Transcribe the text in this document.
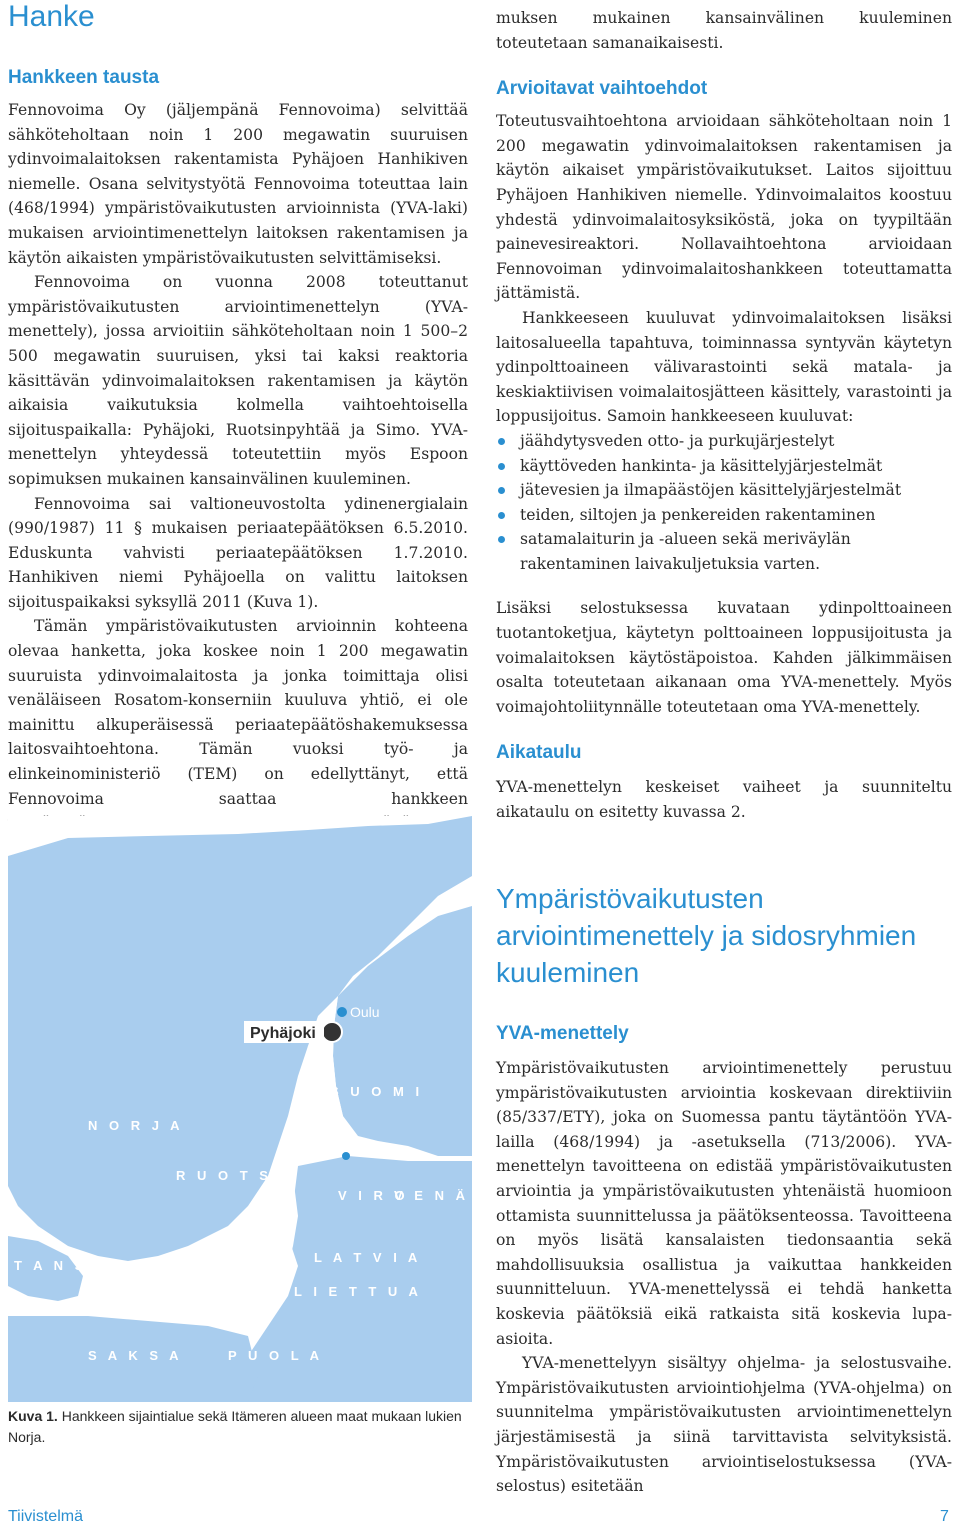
Hanke
Hankkeen tausta

Fennovoima Oy (jäljempänä Fennovoima) selvittää sähköteholtaan noin 1 200 megawatin suuruisen ydinvoimalaitoksen rakentamista Pyhäjoen Hanhikiven niemelle. Osana selvitystyötä Fennovoima toteuttaa lain (468/1994) ympäristövaikutusten arvioinnista (YVA-laki) mukaisen arviointimenettelyn laitoksen rakentamisen ja käytön aikaisten ympäristövaikutusten selvittämiseksi.

Fennovoima on vuonna 2008 toteuttanut ympäristövaikutusten arviointimenettelyn (YVA-menettely), jossa arvioitiin sähköteholtaan noin 1 500–2 500 megawatin suuruisen, yksi tai kaksi reaktoria käsittävän ydinvoimalaitoksen rakentamisen ja käytön aikaisia vaikutuksia kolmella vaihtoehtoisella sijoituspaikalla: Pyhäjoki, Ruotsinpyhtää ja Simo. YVA-menettelyn yhteydessä toteutettiin myös Espoon sopimuksen mukainen kansainvälinen kuuleminen.

Fennovoima sai valtioneuvostolta ydinenergialain (990/1987) 11 § mukaisen periaatepäätöksen 6.5.2010. Eduskunta vahvisti periaatepäätöksen 1.7.2010. Hanhikiven niemi Pyhäjoella on valittu laitoksen sijoituspaikaksi syksyllä 2011 (Kuva 1).

Tämän ympäristövaikutusten arvioinnin kohteena olevaa hanketta, joka koskee noin 1 200 megawatin suuruista ydinvoimalaitosta ja jonka toimittaja olisi venäläiseen Rosatom-konserniin kuuluva yhtiö, ei ole mainittu alkuperäisessä periaatepäätöshakemuksessa laitosvaihtoehtona. Tämän vuoksi työ- ja elinkeinoministeriö (TEM) on edellyttänyt, että Fennovoima saattaa hankkeen

N O R J A
R U O T S I
S U O M I
V I R O
V E N Ä J Ä
L A T V I A
L I E T T U A
T A N S K A
S A K S A	P U O L A
Pyhäjoki
Oulu
Helsinki
Kuva 1. Hankkeen sijaintialue sekä Itämeren alueen maat mukaan lukien Norja.

muksen mukainen kansainvälinen kuuleminen toteutetaan samanaikaisesti.

Arvioitavat vaihtoehdot

Toteutusvaihtoehtona arvioidaan sähköteholtaan noin 1 200 megawatin ydinvoimalaitoksen rakentamisen ja käytön aikaiset ympäristövaikutukset. Laitos sijoittuu Pyhäjoen Hanhikiven niemelle. Ydinvoimalaitos koostuu yhdestä ydinvoimalaitosyksiköstä, joka on tyypiltään painevesireaktori. Nollavaihtoehtona arvioidaan Fennovoiman ydinvoimalaitoshankkeen toteuttamatta jättämistä.

Hankkeeseen kuuluvat ydinvoimalaitoksen lisäksi laitosalueella tapahtuva, toiminnassa syntyvän käytetyn ydinpolttoaineen välivarastointi sekä matala- ja keskiaktiivisen voimalaitosjätteen käsittely, varastointi ja loppusijoitus. Samoin hankkeeseen kuuluvat:

jäähdytysveden otto- ja purkujärjestelyt
käyttöveden hankinta- ja käsittelyjärjestelmät
jätevesien ja ilmapäästöjen käsittelyjärjestelmät
teiden, siltojen ja penkereiden rakentaminen
satamalaiturin ja -alueen sekä meriväylän rakentaminen laivakuljetuksia varten.

Lisäksi selostuksessa kuvataan ydinpolttoaineen tuotantoketjua, käytetyn polttoaineen loppusijoitusta ja voimalaitoksen käytöstäpoistoa. Kahden jälkimmäisen osalta toteutetaan aikanaan oma YVA-menettely. Myös voimajohtoliitynnälle toteutetaan oma YVA-menettely.

Aikataulu

YVA-menettelyn keskeiset vaiheet ja suunniteltu aikataulu on esitetty kuvassa 2.

Ympäristövaikutusten arviointimenettely ja sidosryhmien kuuleminen
YVA-menettely

Ympäristövaikutusten arviointimenettely perustuu ympäristövaikutusten arviointia koskevaan direktiiviin (85/337/ETY), joka on Suomessa pantu täytäntöön YVA-lailla (468/1994) ja -asetuksella (713/2006). YVA-menettelyn tavoitteena on edistää ympäristövaikutusten arviointia ja ympäristövaikutusten yhtenäistä huomioon ottamista suunnittelussa ja päätöksenteossa. Tavoitteena on myös lisätä kansalaisten tiedonsaantia sekä mahdollisuuksia osallistua ja vaikuttaa hankkeiden suunnitteluun. YVA-menettelyssä ei tehdä hanketta koskevia päätöksiä eikä ratkaista sitä koskevia lupa-asioita.

YVA-menettelyyn sisältyy ohjelma- ja selostusvaihe. Ympäristövaikutusten arviointiohjelma (YVA-ohjelma) on suunnitelma ympäristövaikutusten arviointimenettelyn järjestämisestä ja siinä tarvittavista selvityksistä. Ympäristövaikutusten arviointiselostuksessa (YVA-selostus) esitetään

Tiivistelmä	7
